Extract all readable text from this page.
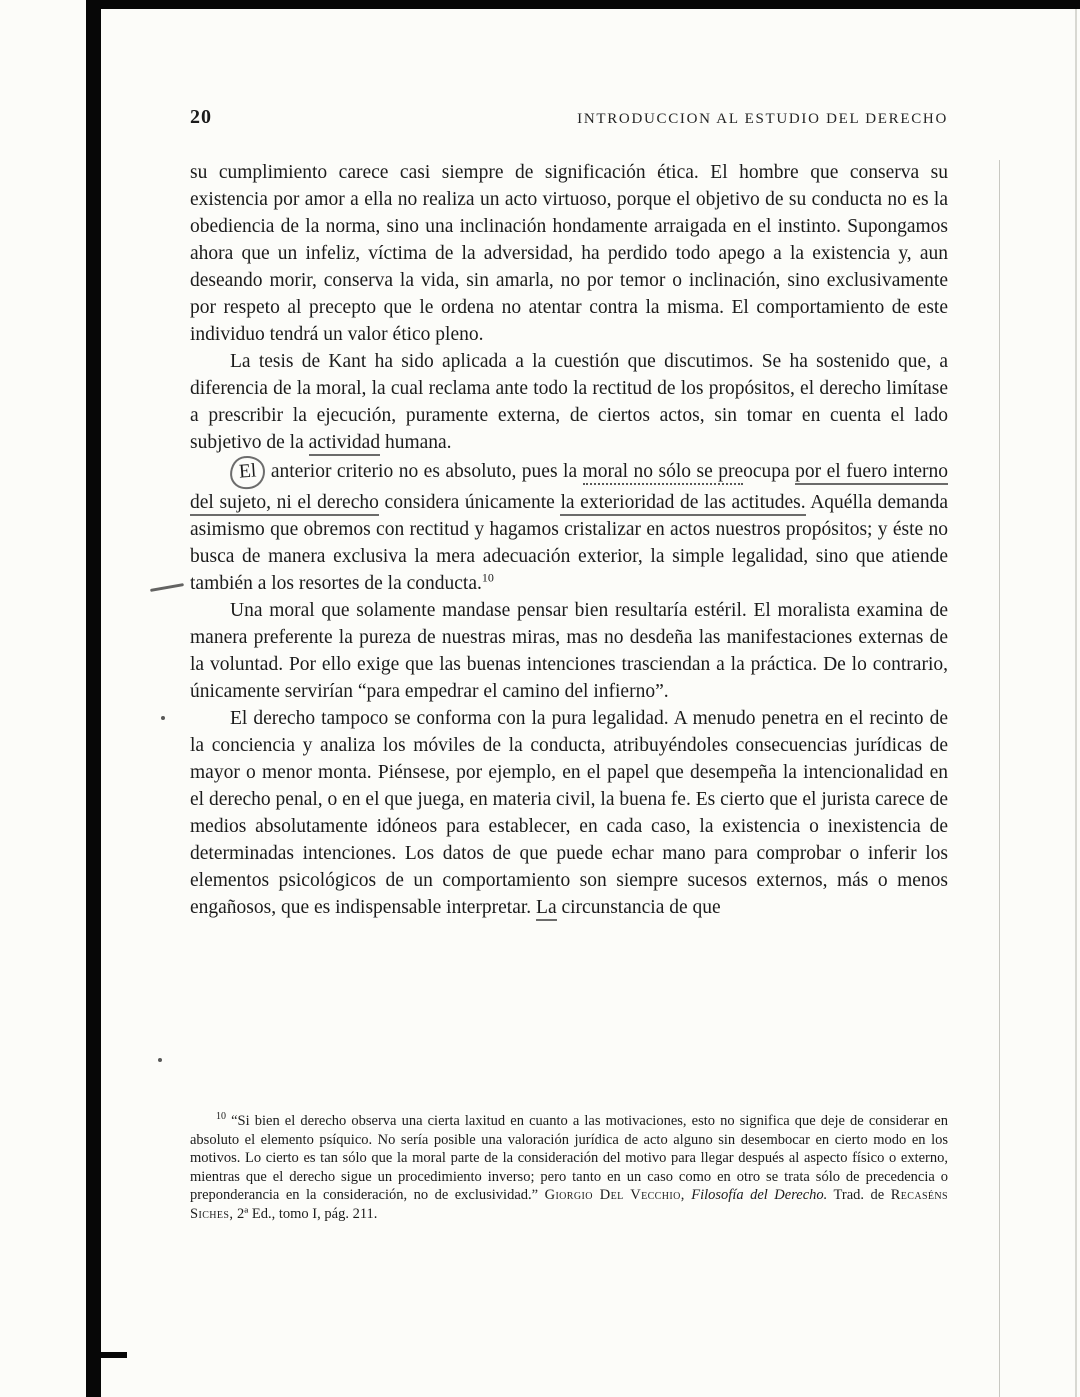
20	INTRODUCCION AL ESTUDIO DEL DERECHO

su cumplimiento carece casi siempre de significación ética. El hombre que conserva su existencia por amor a ella no realiza un acto virtuoso, porque el objetivo de su conducta no es la obediencia de la norma, sino una inclinación hondamente arraigada en el instinto. Supongamos ahora que un infeliz, víctima de la adversidad, ha perdido todo apego a la existencia y, aun deseando morir, conserva la vida, sin amarla, no por temor o inclinación, sino exclusivamente por respeto al precepto que le ordena no atentar contra la misma. El comportamiento de este individuo tendrá un valor ético pleno.

La tesis de Kant ha sido aplicada a la cuestión que discutimos. Se ha sostenido que, a diferencia de la moral, la cual reclama ante todo la rectitud de los propósitos, el derecho limítase a prescribir la ejecución, puramente externa, de ciertos actos, sin tomar en cuenta el lado subjetivo de la actividad humana.

El anterior criterio no es absoluto, pues la moral no sólo se preocupa por el fuero interno del sujeto, ni el derecho considera únicamente la exterioridad de las actitudes. Aquélla demanda asimismo que obremos con rectitud y hagamos cristalizar en actos nuestros propósitos; y éste no busca de manera exclusiva la mera adecuación exterior, la simple legalidad, sino que atiende también a los resortes de la conducta.$^{10}$

Una moral que solamente mandase pensar bien resultaría estéril. El moralista examina de manera preferente la pureza de nuestras miras, mas no desdeña las manifestaciones externas de la voluntad. Por ello exige que las buenas intenciones trasciendan a la práctica. De lo contrario, únicamente servirían “para empedrar el camino del infierno”.

El derecho tampoco se conforma con la pura legalidad. A menudo penetra en el recinto de la conciencia y analiza los móviles de la conducta, atribuyéndoles consecuencias jurídicas de mayor o menor monta. Piénsese, por ejemplo, en el papel que desempeña la intencionalidad en el derecho penal, o en el que juega, en materia civil, la buena fe. Es cierto que el jurista carece de medios absolutamente idóneos para establecer, en cada caso, la existencia o inexistencia de determinadas intenciones. Los datos de que puede echar mano para comprobar o inferir los elementos psicológicos de un comportamiento son siempre sucesos externos, más o menos engañosos, que es indispensable interpretar. La circunstancia de que

$^{10}$ “Si bien el derecho observa una cierta laxitud en cuanto a las motivaciones, esto no significa que deje de considerar en absoluto el elemento psíquico. No sería posible una valoración jurídica de acto alguno sin desembocar en cierto modo en los motivos. Lo cierto es tan sólo que la moral parte de la consideración del motivo para llegar después al aspecto físico o externo, mientras que el derecho sigue un procedimiento inverso; pero tanto en un caso como en otro se trata sólo de precedencia o preponderancia en la consideración, no de exclusividad.” Giorgio Del Vecchio, Filosofía del Derecho. Trad. de Recaséns Siches, 2ª Ed., tomo I, pág. 211.
